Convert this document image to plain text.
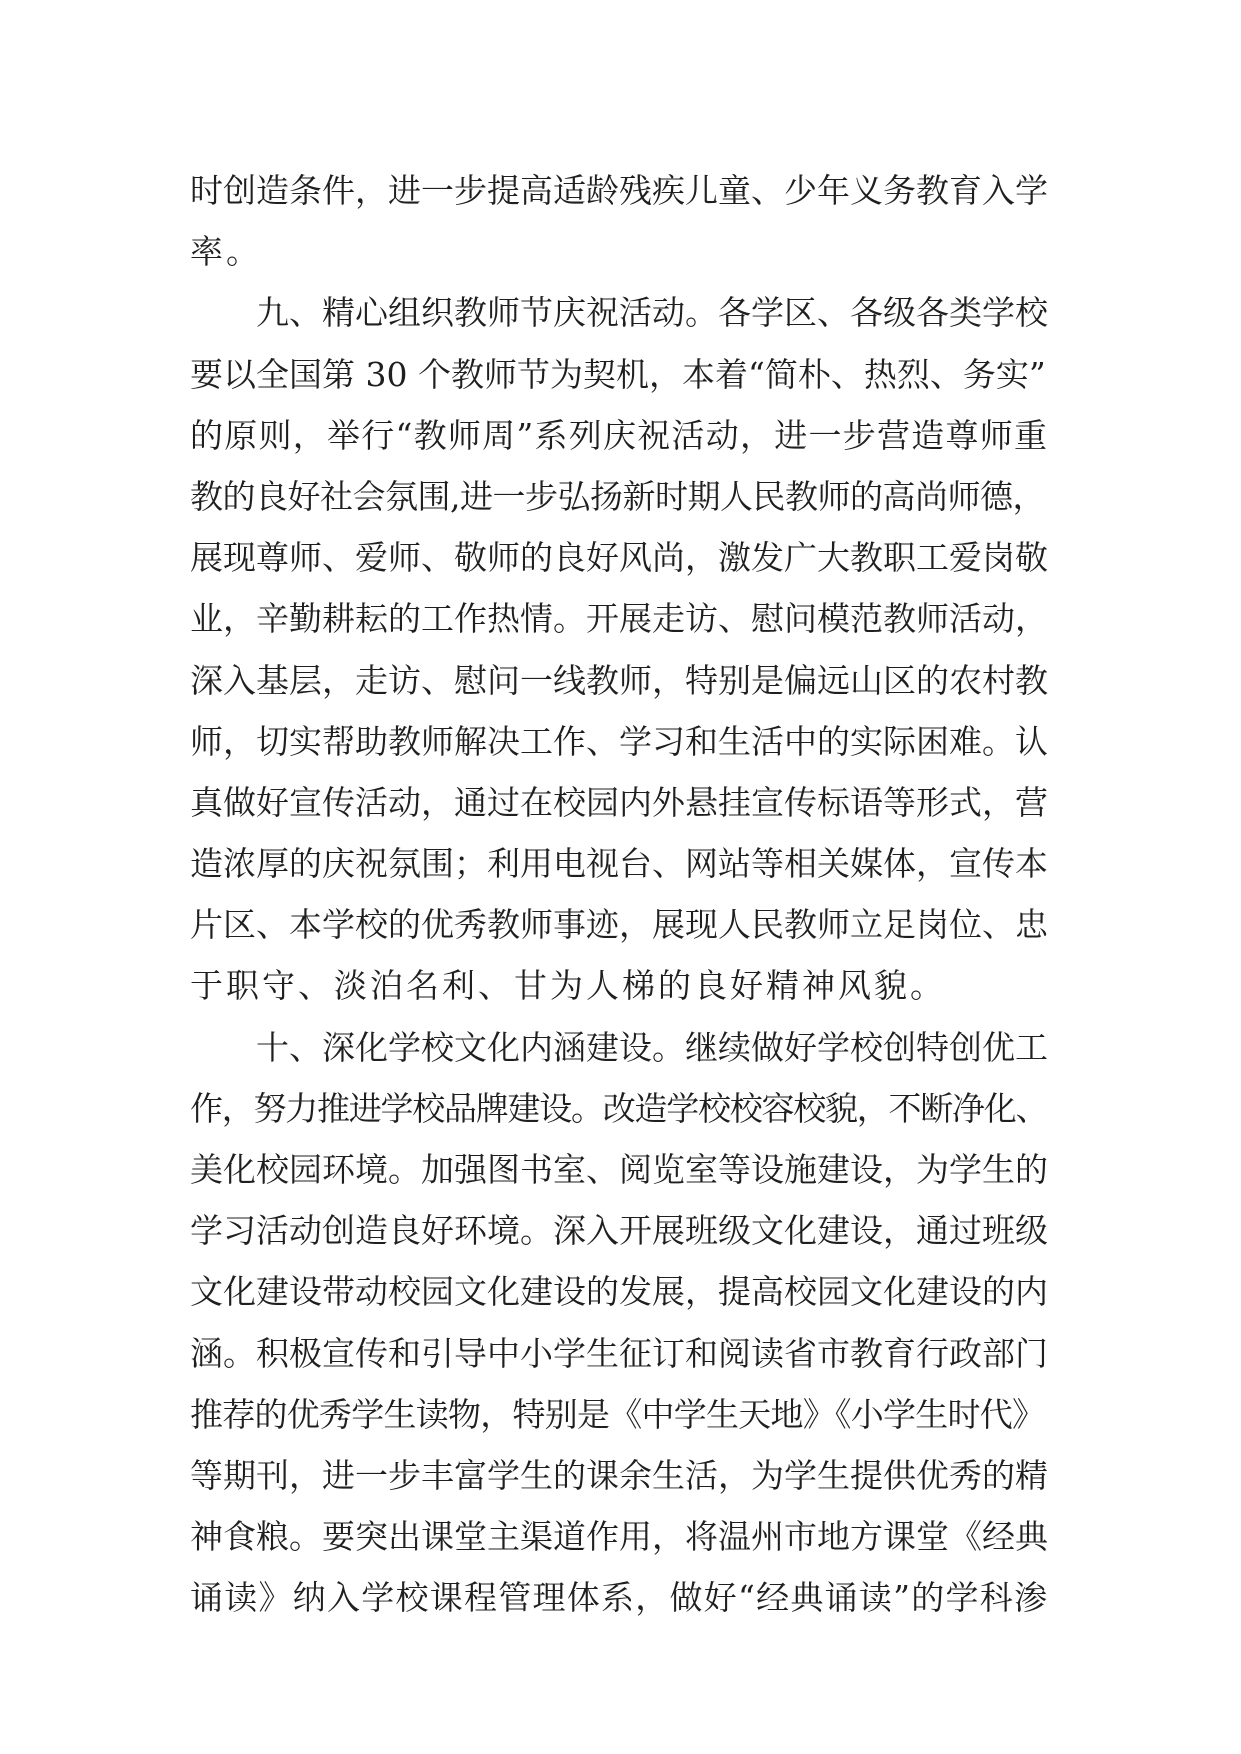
时创造条件，进一步提高适龄残疾儿童、少年义务教育入学
率。
　　九、精心组织教师节庆祝活动。各学区、各级各类学校
要以全国第 30 个教师节为契机，本着“简朴、热烈、务实”
的原则，举行“教师周”系列庆祝活动，进一步营造尊师重
教的良好社会氛围,进一步弘扬新时期人民教师的高尚师德，
展现尊师、爱师、敬师的良好风尚，激发广大教职工爱岗敬
业，辛勤耕耘的工作热情。开展走访、慰问模范教师活动，
深入基层，走访、慰问一线教师，特别是偏远山区的农村教
师，切实帮助教师解决工作、学习和生活中的实际困难。认
真做好宣传活动，通过在校园内外悬挂宣传标语等形式，营
造浓厚的庆祝氛围；利用电视台、网站等相关媒体，宣传本
片区、本学校的优秀教师事迹，展现人民教师立足岗位、忠
于职守、淡泊名利、甘为人梯的良好精神风貌。
　　十、深化学校文化内涵建设。继续做好学校创特创优工
作，努力推进学校品牌建设。改造学校校容校貌，不断净化、
美化校园环境。加强图书室、阅览室等设施建设，为学生的
学习活动创造良好环境。深入开展班级文化建设，通过班级
文化建设带动校园文化建设的发展，提高校园文化建设的内
涵。积极宣传和引导中小学生征订和阅读省市教育行政部门
推荐的优秀学生读物，特别是《中学生天地》《小学生时代》
等期刊，进一步丰富学生的课余生活，为学生提供优秀的精
神食粮。要突出课堂主渠道作用，将温州市地方课堂《经典
诵读》纳入学校课程管理体系，做好“经典诵读”的学科渗
